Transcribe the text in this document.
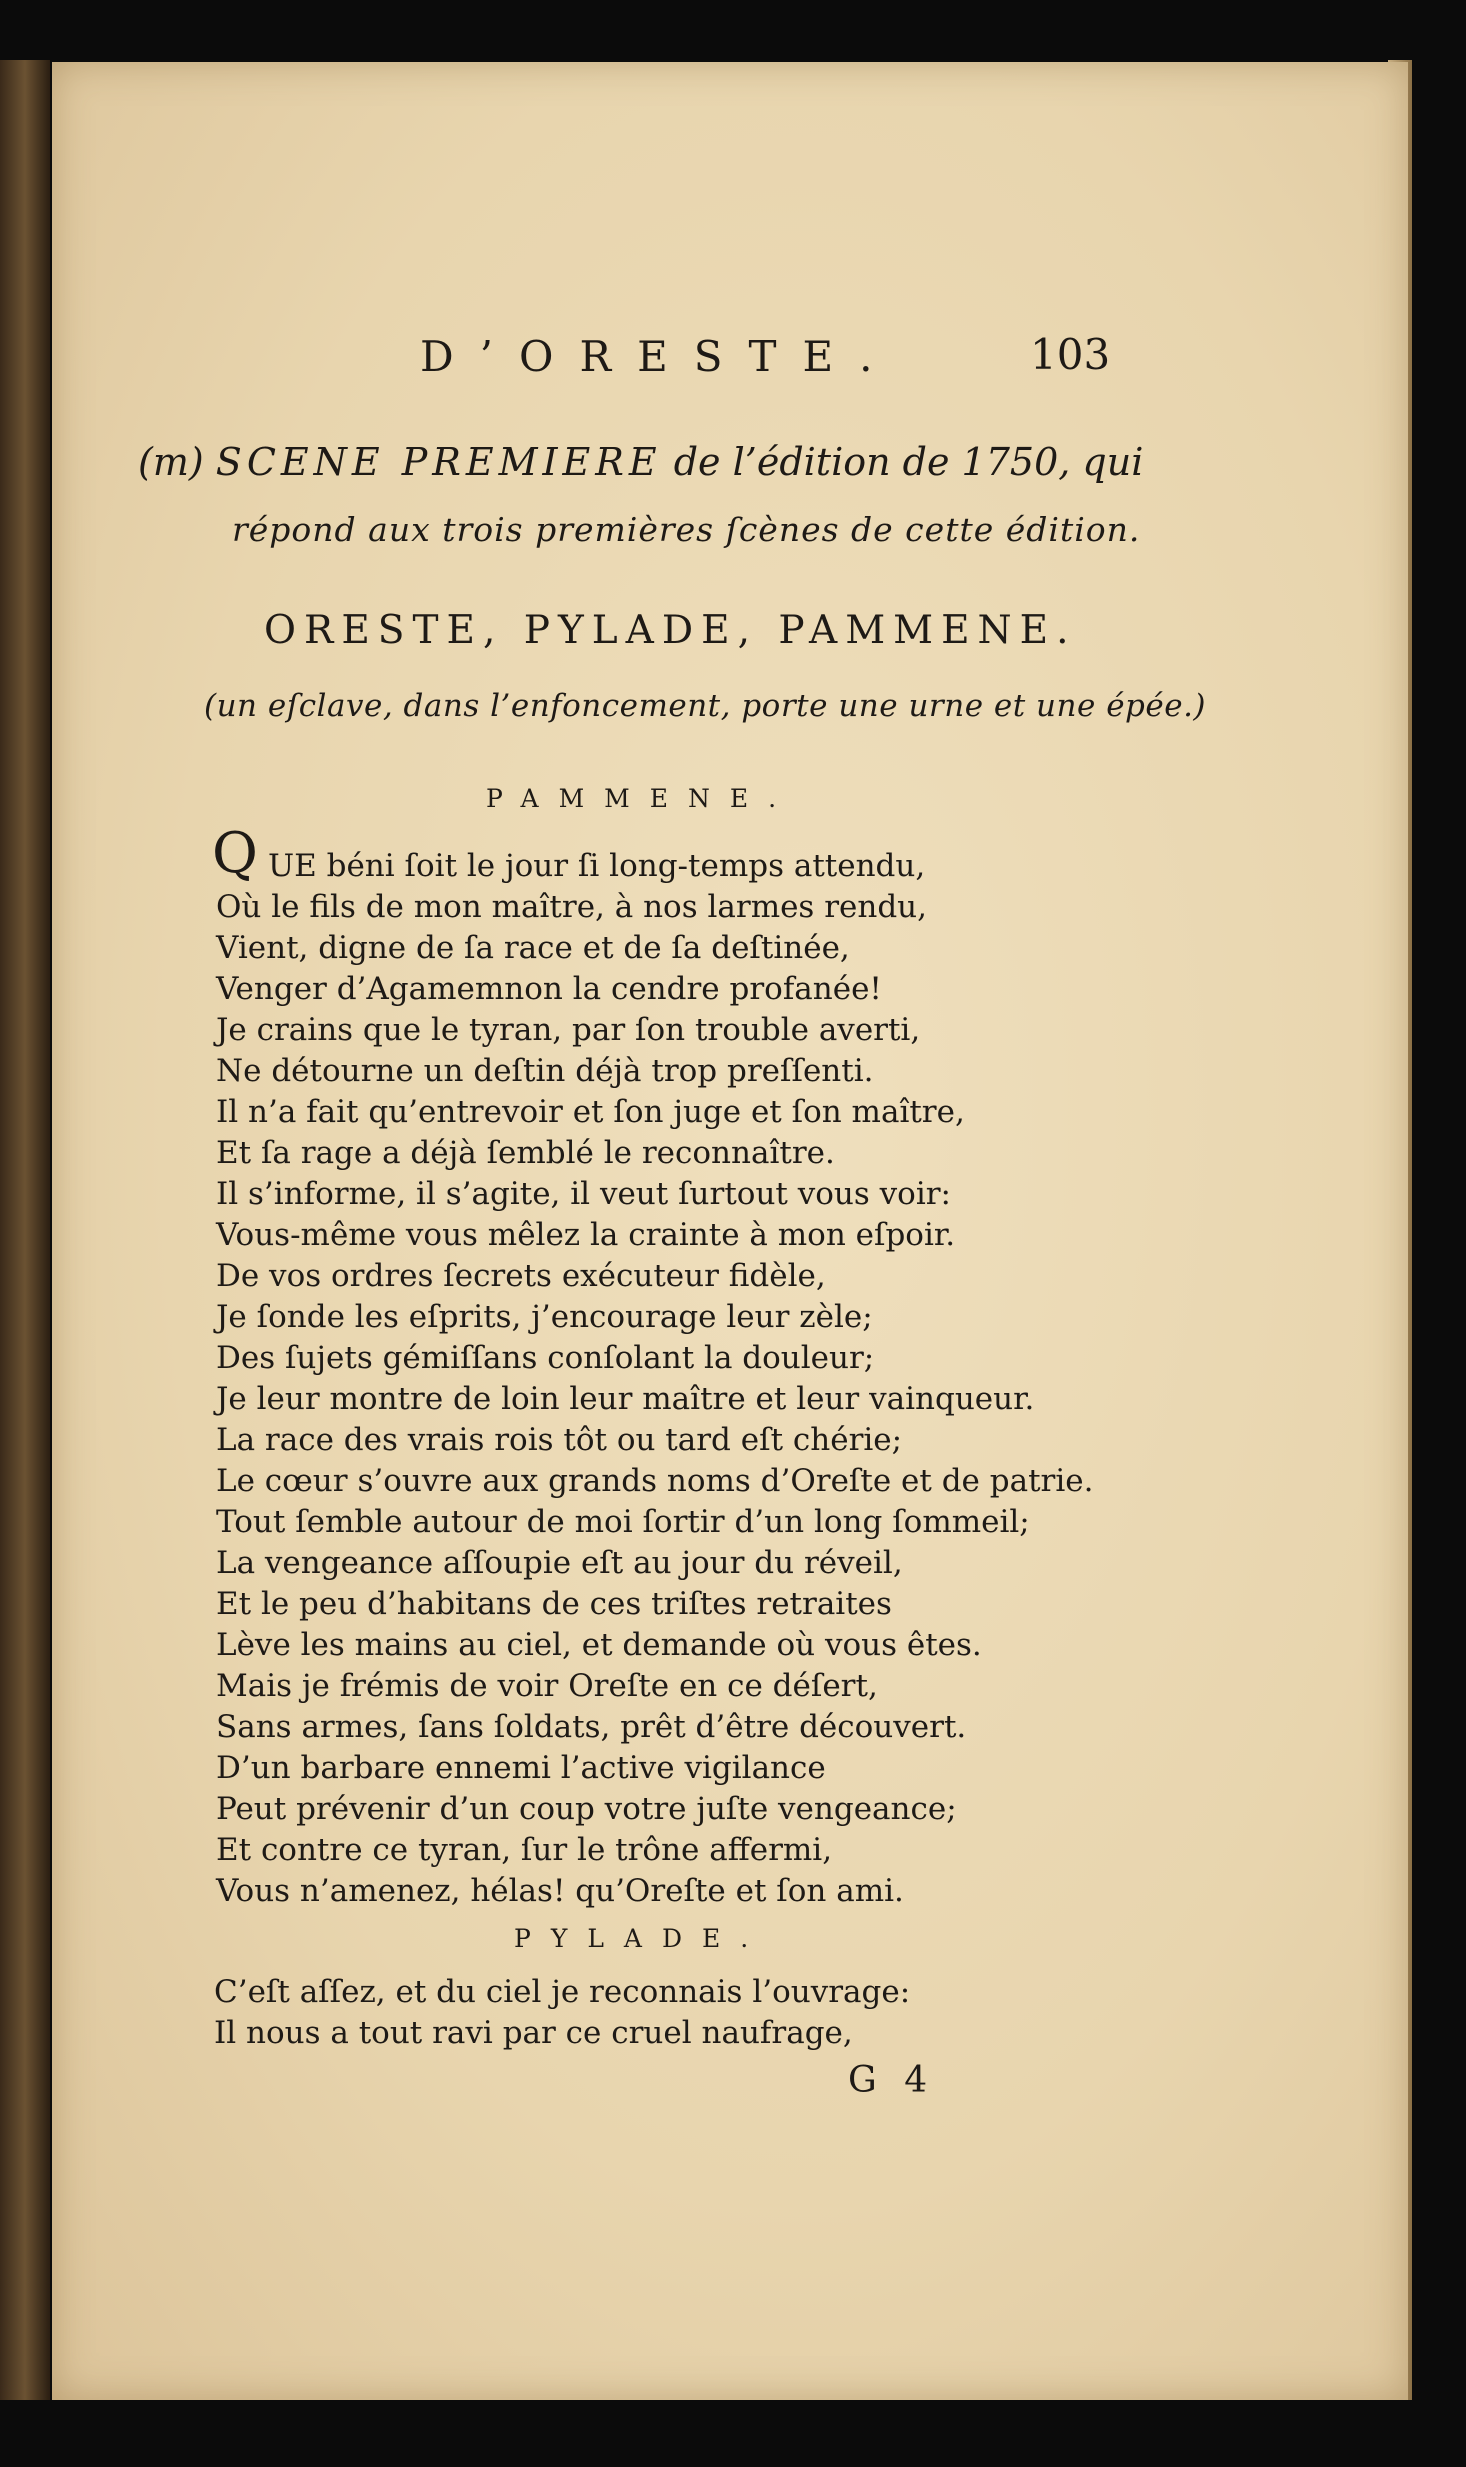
D’ORESTE.	103
(m) SCENE PREMIERE de l’édition de 1750, qui
répond aux trois premières ſcènes de cette édition.
ORESTE, PYLADE, PAMMENE.
(un eſclave, dans l’enfoncement, porte une urne et une épée.)
PAMMENE.
Q UE béni ſoit le jour ſi long-temps attendu,
Où le fils de mon maître, à nos larmes rendu,
Vient, digne de ſa race et de ſa deſtinée,
Venger d’Agamemnon la cendre profanée!
Je crains que le tyran, par ſon trouble averti,
Ne détourne un deſtin déjà trop preſſenti.
Il n’a fait qu’entrevoir et ſon juge et ſon maître,
Et ſa rage a déjà ſemblé le reconnaître.
Il s’informe, il s’agite, il veut ſurtout vous voir:
Vous-même vous mêlez la crainte à mon eſpoir.
De vos ordres ſecrets exécuteur fidèle,
Je ſonde les eſprits, j’encourage leur zèle;
Des ſujets gémiſſans conſolant la douleur;
Je leur montre de loin leur maître et leur vainqueur.
La race des vrais rois tôt ou tard eſt chérie;
Le cœur s’ouvre aux grands noms d’Oreſte et de patrie.
Tout ſemble autour de moi ſortir d’un long ſommeil;
La vengeance aſſoupie eſt au jour du réveil,
Et le peu d’habitans de ces triſtes retraites
Lève les mains au ciel, et demande où vous êtes.
Mais je frémis de voir Oreſte en ce déſert,
Sans armes, ſans ſoldats, prêt d’être découvert.
D’un barbare ennemi l’active vigilance
Peut prévenir d’un coup votre juſte vengeance;
Et contre ce tyran, ſur le trône affermi,
Vous n’amenez, hélas! qu’Oreſte et ſon ami.
PYLADE.
C’eſt aſſez, et du ciel je reconnais l’ouvrage:
Il nous a tout ravi par ce cruel naufrage,
G 4
